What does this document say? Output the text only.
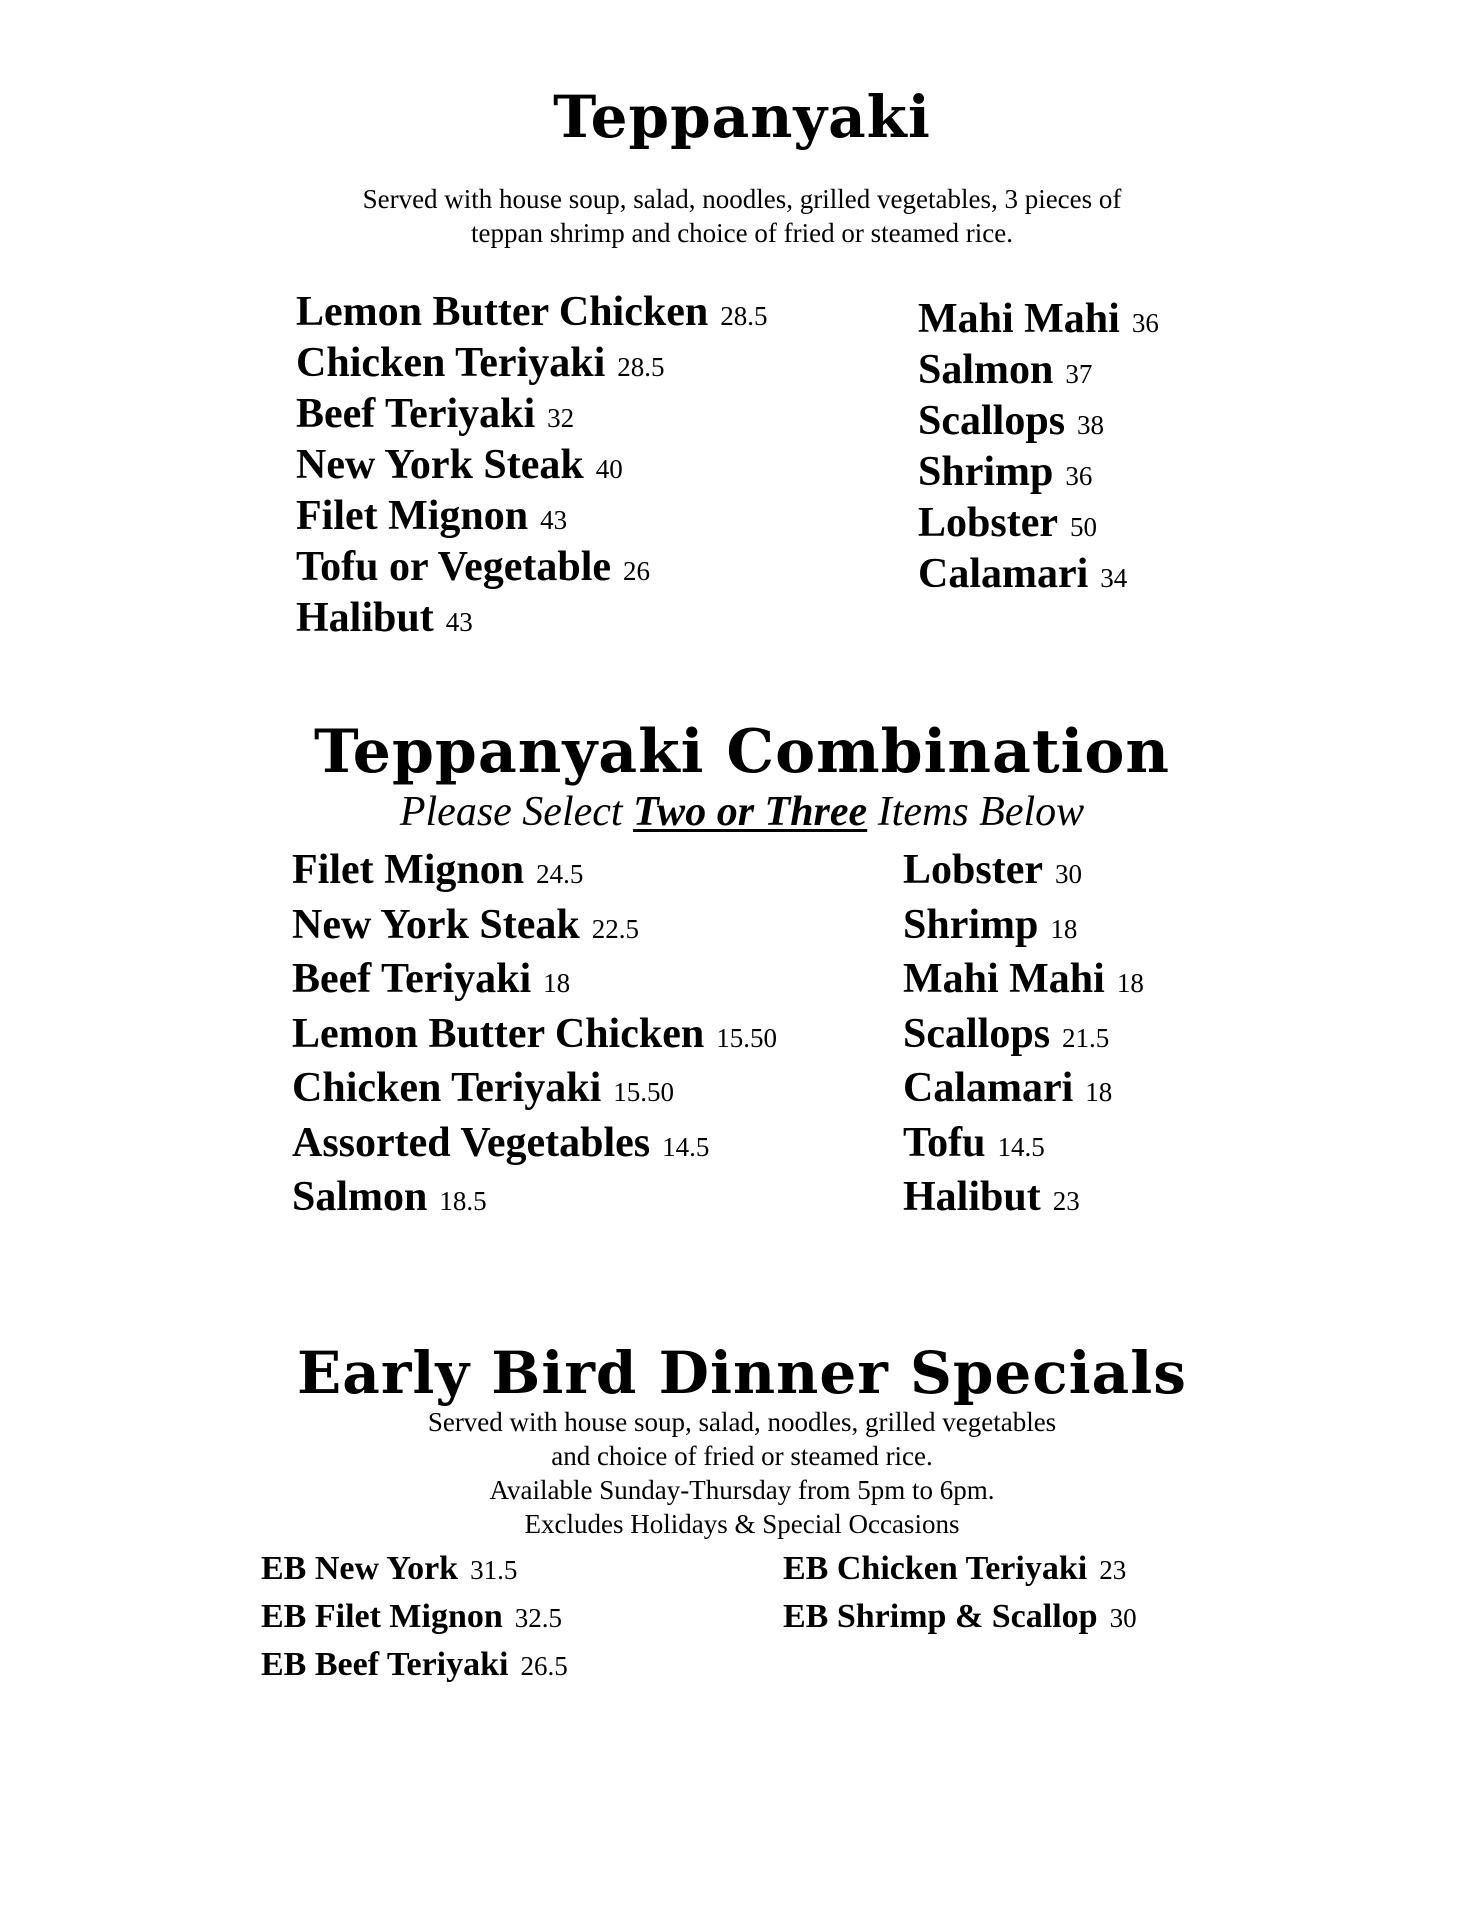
Teppanyaki
Served with house soup, salad, noodles, grilled vegetables, 3 pieces of
teppan shrimp and choice of fried or steamed rice.
Lemon Butter Chicken 28.5
Chicken Teriyaki 28.5
Beef Teriyaki 32
New York Steak 40
Filet Mignon 43
Tofu or Vegetable 26
Halibut 43
Mahi Mahi 36
Salmon 37
Scallops 38
Shrimp 36
Lobster 50
Calamari 34
Teppanyaki Combination
Please Select Two or Three Items Below
Filet Mignon 24.5
New York Steak 22.5
Beef Teriyaki 18
Lemon Butter Chicken 15.50
Chicken Teriyaki 15.50
Assorted Vegetables 14.5
Salmon 18.5
Lobster 30
Shrimp 18
Mahi Mahi 18
Scallops 21.5
Calamari 18
Tofu 14.5
Halibut 23
Early Bird Dinner Specials
Served with house soup, salad, noodles, grilled vegetables
and choice of fried or steamed rice.
Available Sunday-Thursday from 5pm to 6pm.
Excludes Holidays & Special Occasions
EB New York 31.5
EB Filet Mignon 32.5
EB Beef Teriyaki 26.5
EB Chicken Teriyaki 23
EB Shrimp & Scallop 30
